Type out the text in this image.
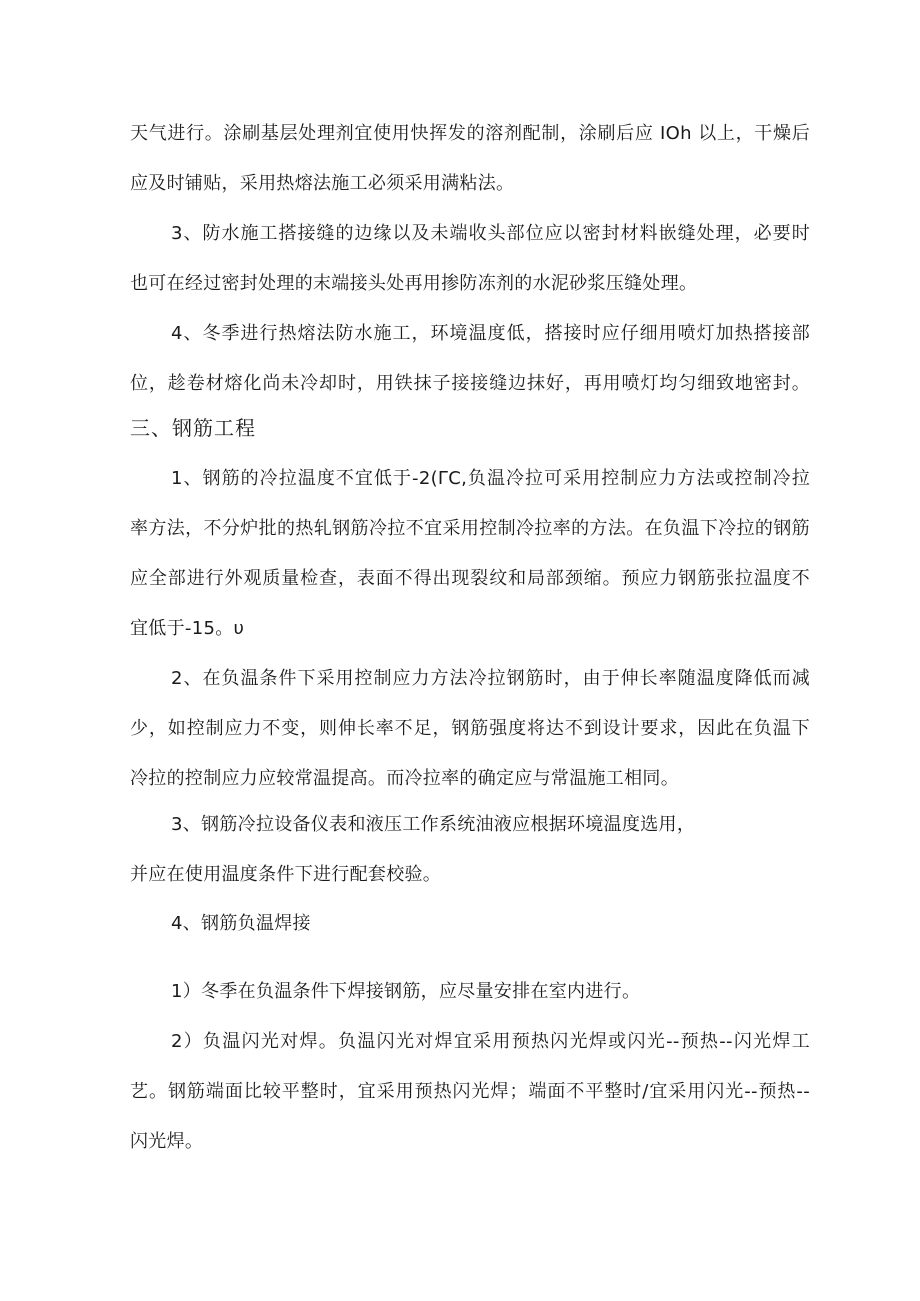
天气进行。涂刷基层处理剂宜使用快挥发的溶剂配制，涂刷后应 IOh 以上，干燥后
应及时铺贴，采用热熔法施工必须采用满粘法。
3、防水施工搭接缝的边缘以及未端收头部位应以密封材料嵌缝处理，必要时
也可在经过密封处理的末端接头处再用掺防冻剂的水泥砂浆压缝处理。
4、冬季进行热熔法防水施工，环境温度低，搭接时应仔细用喷灯加热搭接部
位，趁卷材熔化尚未冷却时，用铁抹子接接缝边抹好，再用喷灯均匀细致地密封。
三、钢筋工程
1、钢筋的冷拉温度不宜低于-2(ΓC,负温冷拉可采用控制应力方法或控制冷拉
率方法，不分炉批的热轧钢筋冷拉不宜采用控制冷拉率的方法。在负温下冷拉的钢筋
应全部进行外观质量检查，表面不得出现裂纹和局部颈缩。预应力钢筋张拉温度不
宜低于-15。υ
2、在负温条件下采用控制应力方法冷拉钢筋时，由于伸长率随温度降低而减
少，如控制应力不变，则伸长率不足，钢筋强度将达不到设计要求，因此在负温下
冷拉的控制应力应较常温提高。而冷拉率的确定应与常温施工相同。
3、钢筋冷拉设备仪表和液压工作系统油液应根据环境温度选用，
并应在使用温度条件下进行配套校验。
4、钢筋负温焊接
1）冬季在负温条件下焊接钢筋，应尽量安排在室内进行。
2）负温闪光对焊。负温闪光对焊宜采用预热闪光焊或闪光--预热--闪光焊工
艺。钢筋端面比较平整时，宜采用预热闪光焊；端面不平整时/宜采用闪光--预热--
闪光焊。
